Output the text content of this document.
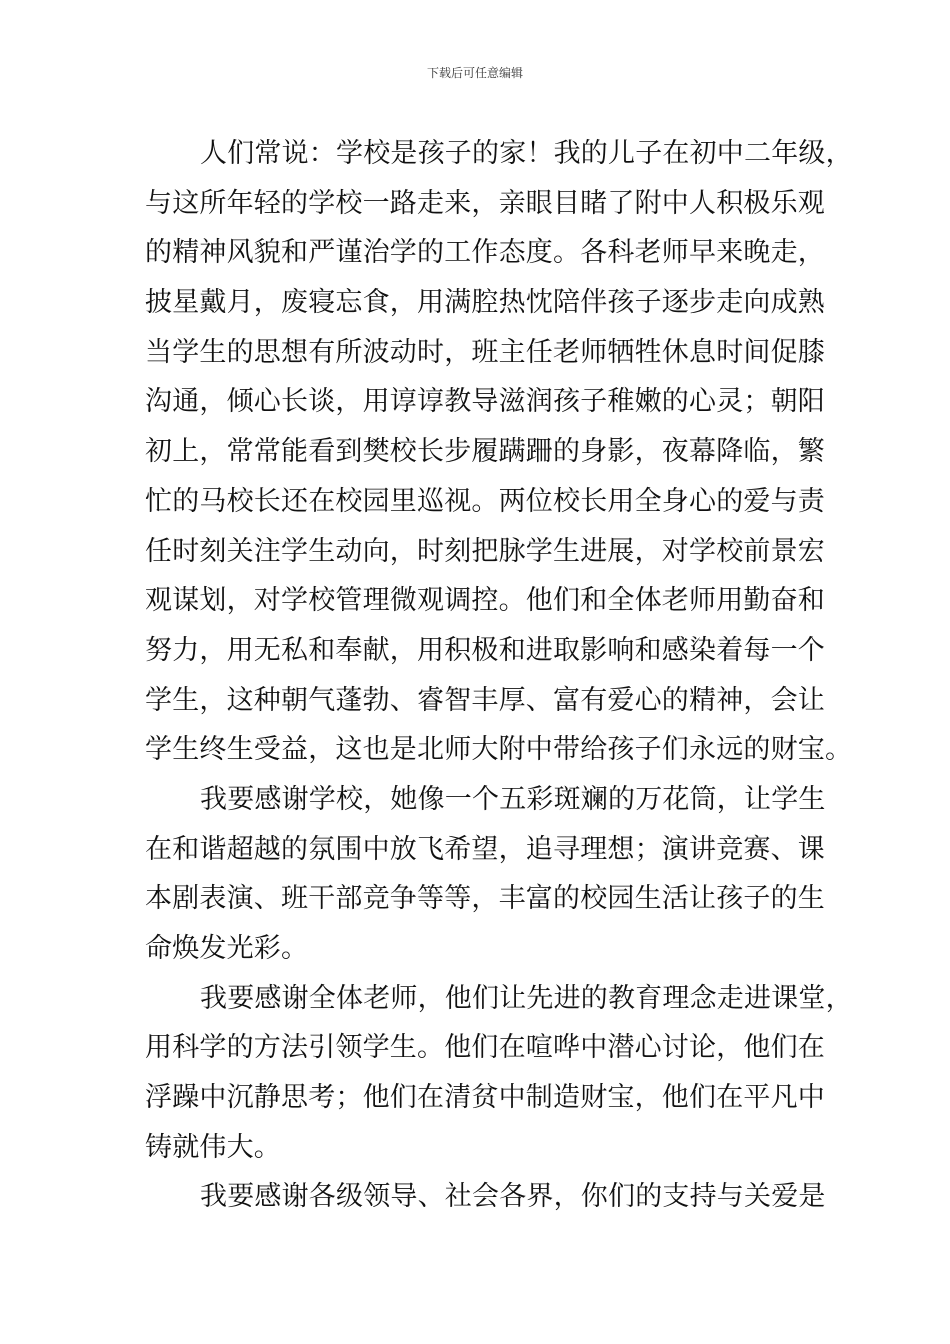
下载后可任意编辑
人们常说：学校是孩子的家！我的儿子在初中二年级，
与这所年轻的学校一路走来，亲眼目睹了附中人积极乐观
的精神风貌和严谨治学的工作态度。各科老师早来晚走，
披星戴月，废寝忘食，用满腔热忱陪伴孩子逐步走向成熟
当学生的思想有所波动时，班主任老师牺牲休息时间促膝
沟通，倾心长谈，用谆谆教导滋润孩子稚嫩的心灵；朝阳
初上，常常能看到樊校长步履蹒跚的身影，夜幕降临，繁
忙的马校长还在校园里巡视。两位校长用全身心的爱与责
任时刻关注学生动向，时刻把脉学生进展，对学校前景宏
观谋划，对学校管理微观调控。他们和全体老师用勤奋和
努力，用无私和奉献，用积极和进取影响和感染着每一个
学生，这种朝气蓬勃、睿智丰厚、富有爱心的精神，会让
学生终生受益，这也是北师大附中带给孩子们永远的财宝。
我要感谢学校，她像一个五彩斑斓的万花筒，让学生
在和谐超越的氛围中放飞希望，追寻理想；演讲竞赛、课
本剧表演、班干部竞争等等，丰富的校园生活让孩子的生
命焕发光彩。
我要感谢全体老师，他们让先进的教育理念走进课堂，
用科学的方法引领学生。他们在喧哗中潜心讨论，他们在
浮躁中沉静思考；他们在清贫中制造财宝，他们在平凡中
铸就伟大。
我要感谢各级领导、社会各界，你们的支持与关爱是
